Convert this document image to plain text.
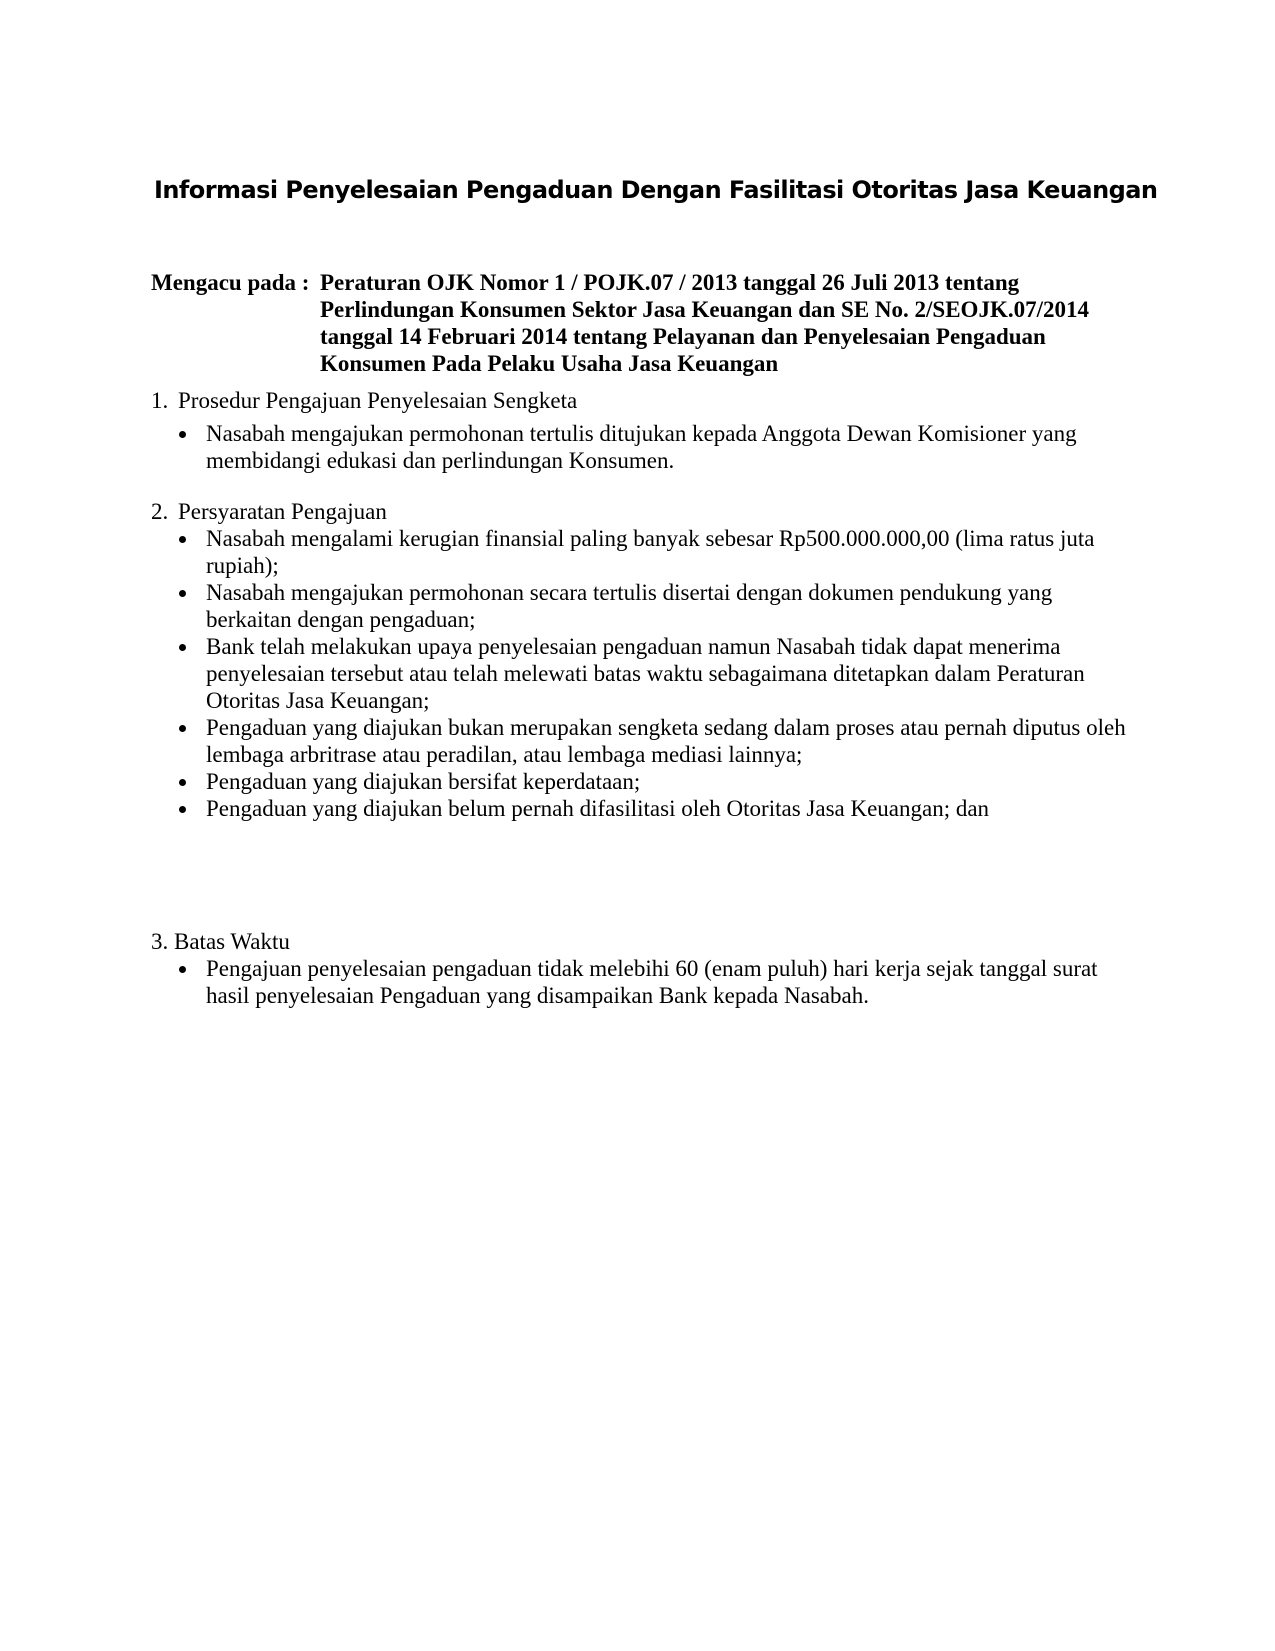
Informasi Penyelesaian Pengaduan Dengan Fasilitasi Otoritas Jasa Keuangan
Mengacu pada : Peraturan OJK Nomor 1 / POJK.07 / 2013 tanggal 26 Juli 2013 tentang Perlindungan Konsumen Sektor Jasa Keuangan dan SE No. 2/SEOJK.07/2014 tanggal 14 Februari 2014 tentang Pelayanan dan Penyelesaian Pengaduan Konsumen Pada Pelaku Usaha Jasa Keuangan
1. Prosedur Pengajuan Penyelesaian Sengketa
Nasabah mengajukan permohonan tertulis ditujukan kepada Anggota Dewan Komisioner yang membidangi edukasi dan perlindungan Konsumen.
2. Persyaratan Pengajuan
Nasabah mengalami kerugian finansial paling banyak sebesar Rp500.000.000,00 (lima ratus juta rupiah);
Nasabah mengajukan permohonan secara tertulis disertai dengan dokumen pendukung yang berkaitan dengan pengaduan;
Bank telah melakukan upaya penyelesaian pengaduan namun Nasabah tidak dapat menerima penyelesaian tersebut atau telah melewati batas waktu sebagaimana ditetapkan dalam Peraturan Otoritas Jasa Keuangan;
Pengaduan yang diajukan bukan merupakan sengketa sedang dalam proses atau pernah diputus oleh lembaga arbritrase atau peradilan, atau lembaga mediasi lainnya;
Pengaduan yang diajukan bersifat keperdataan;
Pengaduan yang diajukan belum pernah difasilitasi oleh Otoritas Jasa Keuangan; dan
3. Batas Waktu
Pengajuan penyelesaian pengaduan tidak melebihi 60 (enam puluh) hari kerja sejak tanggal surat hasil penyelesaian Pengaduan yang disampaikan Bank kepada Nasabah.
